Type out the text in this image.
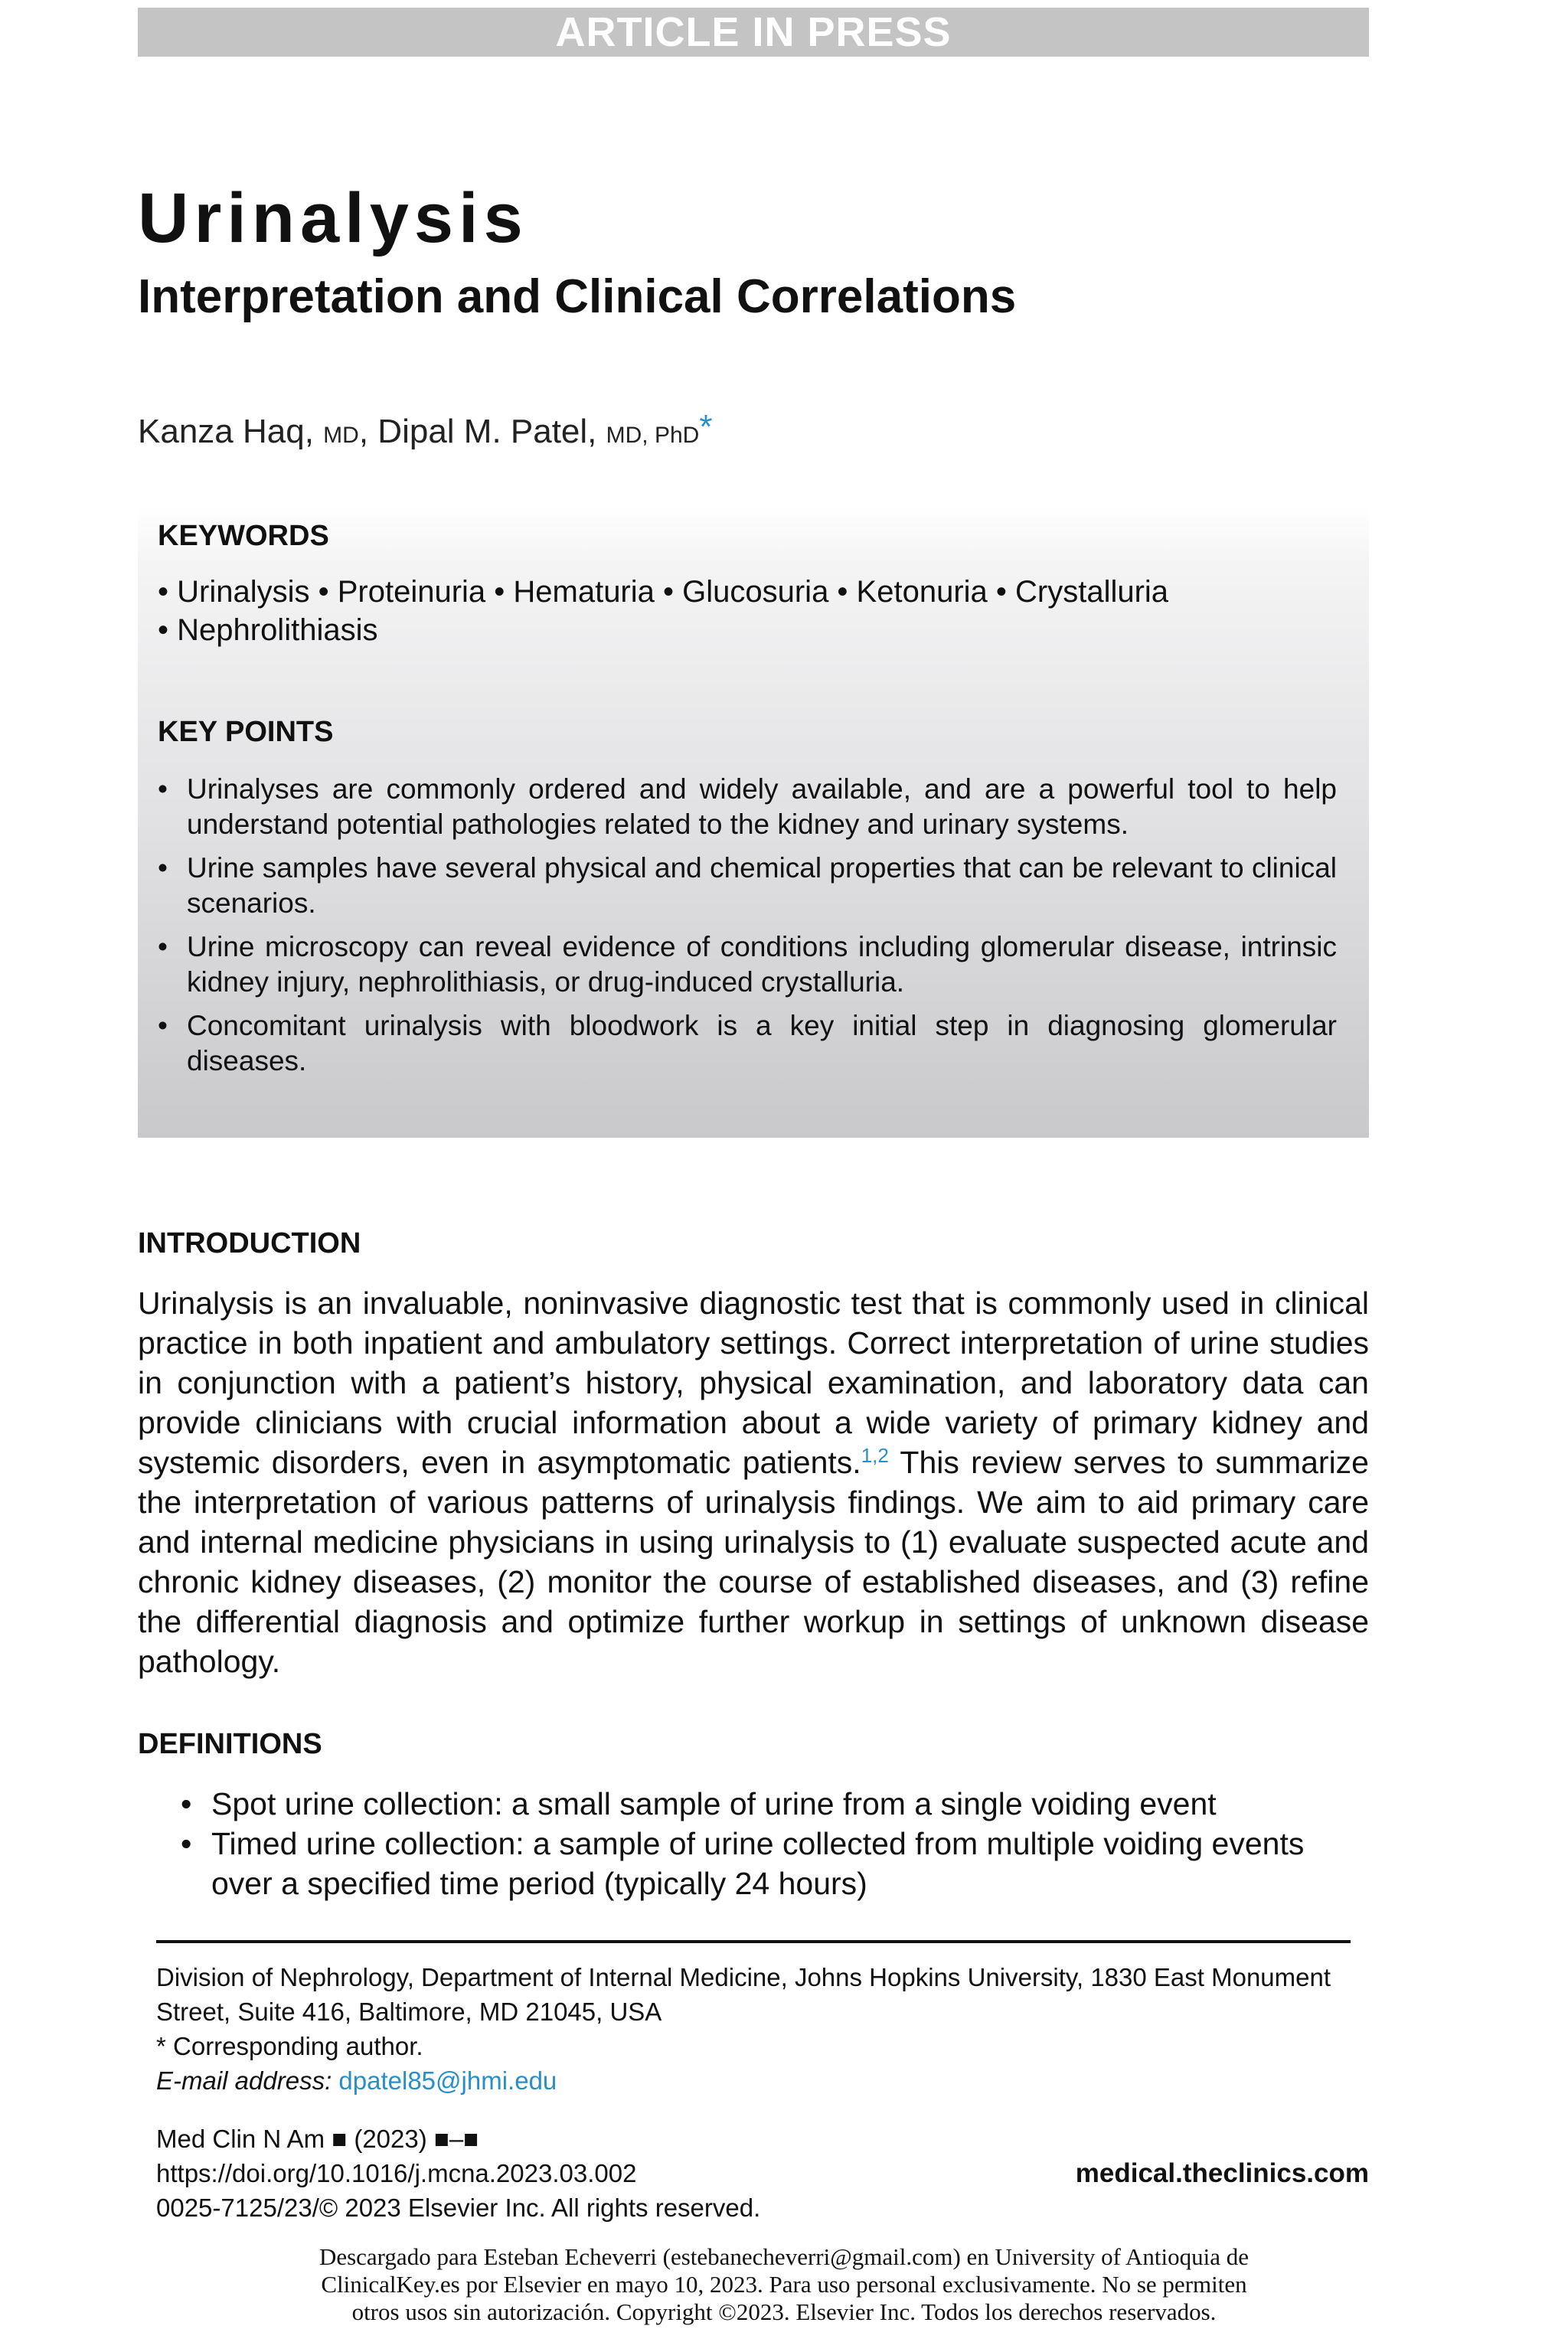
ARTICLE IN PRESS
Urinalysis
Interpretation and Clinical Correlations
Kanza Haq, MD, Dipal M. Patel, MD, PhD*
KEYWORDS
• Urinalysis • Proteinuria • Hematuria • Glucosuria • Ketonuria • Crystalluria
• Nephrolithiasis
KEY POINTS
• Urinalyses are commonly ordered and widely available, and are a powerful tool to help understand potential pathologies related to the kidney and urinary systems.
• Urine samples have several physical and chemical properties that can be relevant to clinical scenarios.
• Urine microscopy can reveal evidence of conditions including glomerular disease, intrinsic kidney injury, nephrolithiasis, or drug-induced crystalluria.
• Concomitant urinalysis with bloodwork is a key initial step in diagnosing glomerular diseases.
INTRODUCTION

Urinalysis is an invaluable, noninvasive diagnostic test that is commonly used in clinical practice in both inpatient and ambulatory settings. Correct interpretation of urine studies in conjunction with a patient’s history, physical examination, and laboratory data can provide clinicians with crucial information about a wide variety of primary kidney and systemic disorders, even in asymptomatic patients.$^{1,2}$ This review serves to summarize the interpretation of various patterns of urinalysis findings. We aim to aid primary care and internal medicine physicians in using urinalysis to (1) evaluate suspected acute and chronic kidney diseases, (2) monitor the course of established diseases, and (3) refine the differential diagnosis and optimize further workup in settings of unknown disease pathology.

DEFINITIONS
• Spot urine collection: a small sample of urine from a single voiding event
• Timed urine collection: a sample of urine collected from multiple voiding events over a specified time period (typically 24 hours)
Division of Nephrology, Department of Internal Medicine, Johns Hopkins University, 1830 East Monument Street, Suite 416, Baltimore, MD 21045, USA
* Corresponding author.
E-mail address: dpatel85@jhmi.edu
Med Clin N Am ■ (2023) ■–■
https://doi.org/10.1016/j.mcna.2023.03.002	medical.theclinics.com
0025-7125/23/© 2023 Elsevier Inc. All rights reserved.
Descargado para Esteban Echeverri (estebanecheverri@gmail.com) en University of Antioquia de
ClinicalKey.es por Elsevier en mayo 10, 2023. Para uso personal exclusivamente. No se permiten
otros usos sin autorización. Copyright ©2023. Elsevier Inc. Todos los derechos reservados.
